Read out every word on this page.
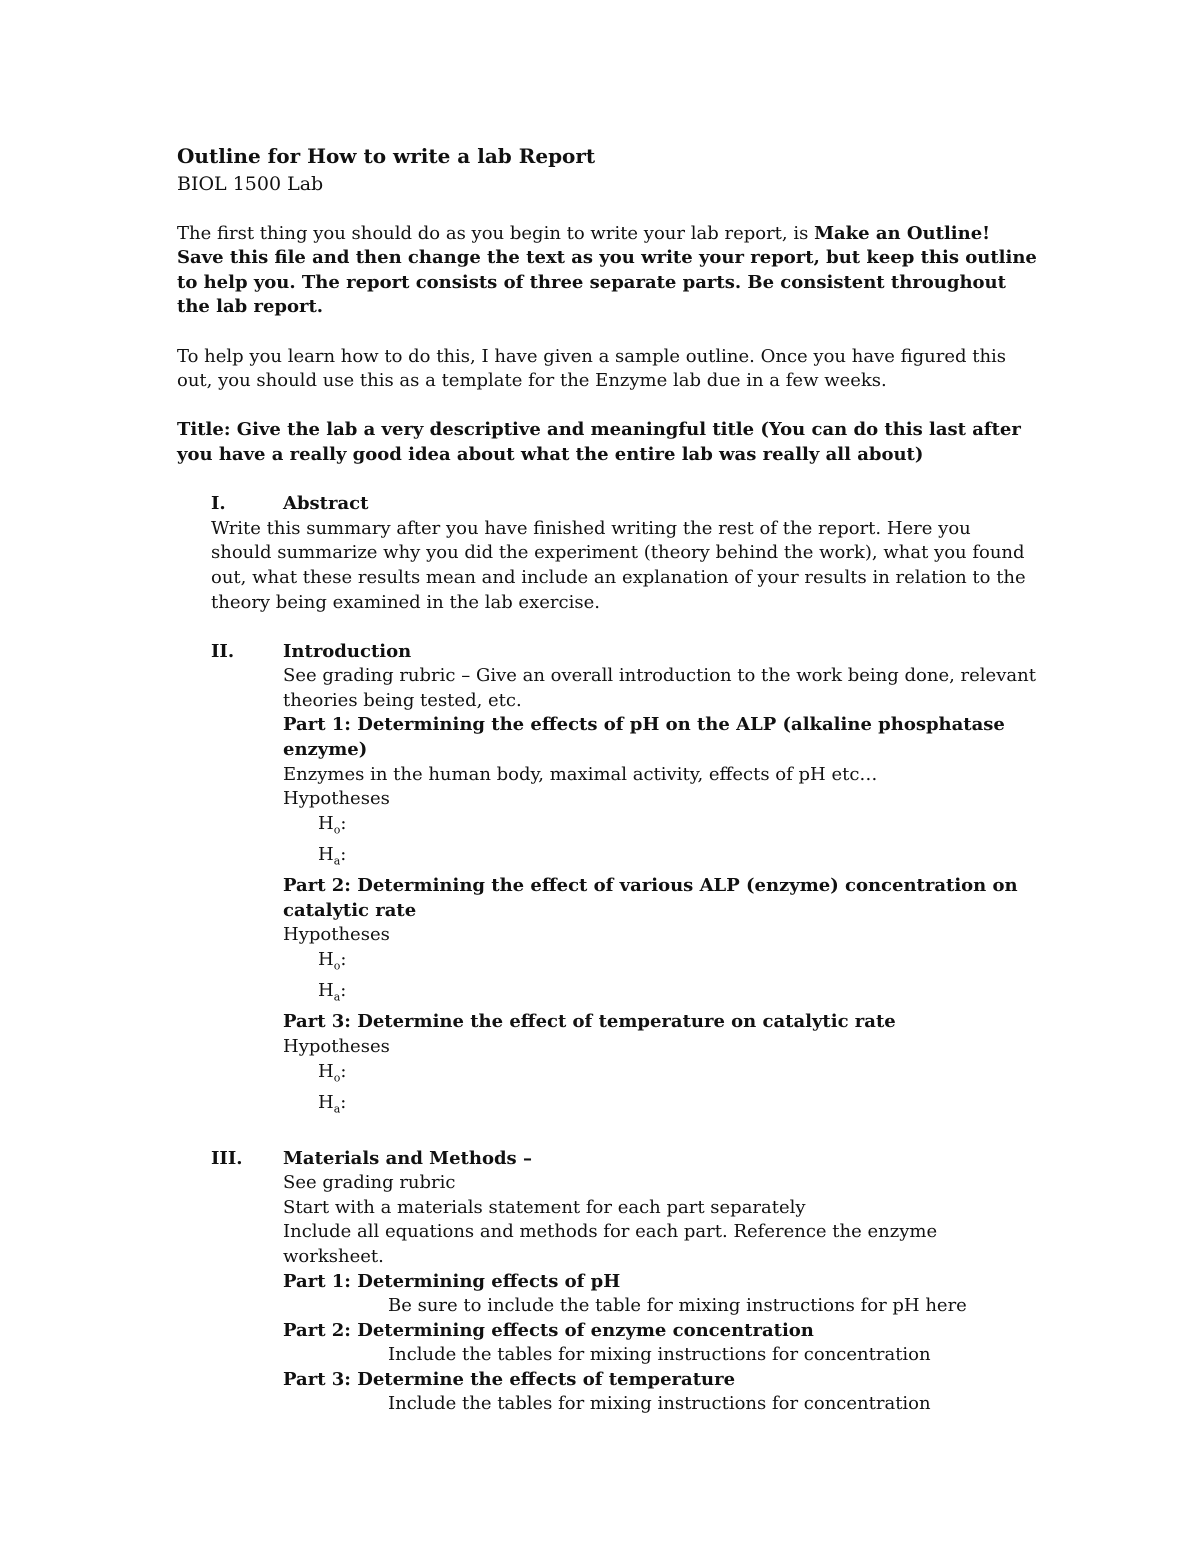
Outline for How to write a lab Report
BIOL 1500 Lab

The first thing you should do as you begin to write your lab report, is Make an Outline! Save this file and then change the text as you write your report, but keep this outline to help you. The report consists of three separate parts. Be consistent throughout the lab report.

To help you learn how to do this, I have given a sample outline. Once you have figured this out, you should use this as a template for the Enzyme lab due in a few weeks.

Title: Give the lab a very descriptive and meaningful title (You can do this last after you have a really good idea about what the entire lab was really all about)

I.	Abstract

Write this summary after you have finished writing the rest of the report. Here you should summarize why you did the experiment (theory behind the work), what you found out, what these results mean and include an explanation of your results in relation to the theory being examined in the lab exercise.

II.	Introduction
See grading rubric – Give an overall introduction to the work being done, relevant theories being tested, etc.
Part 1: Determining the effects of pH on the ALP (alkaline phosphatase enzyme)
Enzymes in the human body, maximal activity, effects of pH etc…
Hypotheses
$H_o$:
$H_a$:
Part 2: Determining the effect of various ALP (enzyme) concentration on catalytic rate
Hypotheses
$H_o$:
$H_a$:
Part 3: Determine the effect of temperature on catalytic rate
Hypotheses
$H_o$:
$H_a$:
III.	Materials and Methods –
See grading rubric
Start with a materials statement for each part separately
Include all equations and methods for each part. Reference the enzyme worksheet.
Part 1: Determining effects of pH
Be sure to include the table for mixing instructions for pH here
Part 2: Determining effects of enzyme concentration
Include the tables for mixing instructions for concentration
Part 3: Determine the effects of temperature
Include the tables for mixing instructions for concentration
